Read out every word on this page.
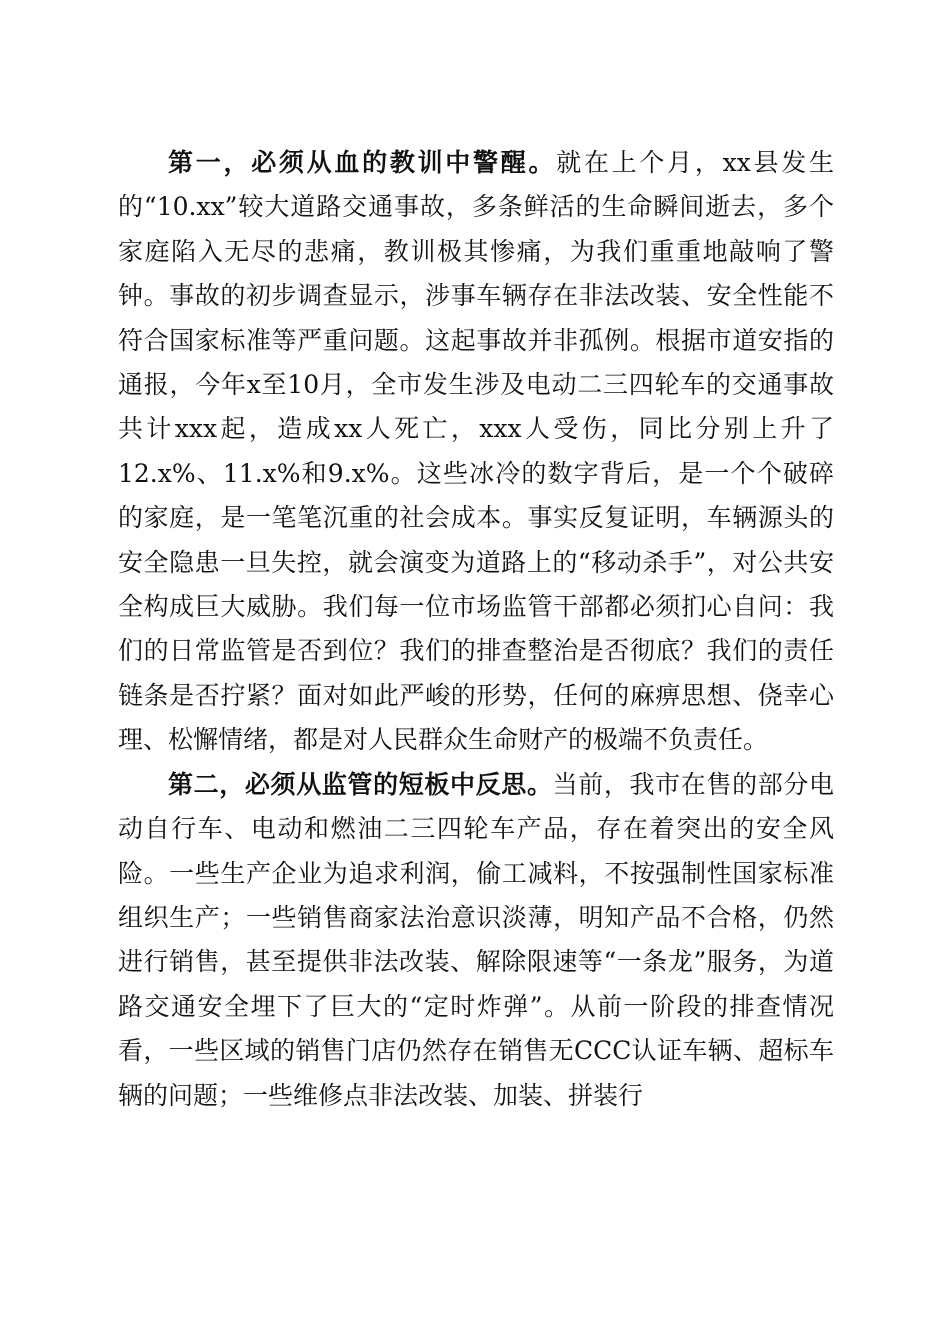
第一，必须从血的教训中警醒。就在上个月，xx县发生的“10.xx”较大道路交通事故，多条鲜活的生命瞬间逝去，多个家庭陷入无尽的悲痛，教训极其惨痛，为我们重重地敲响了警钟。事故的初步调查显示，涉事车辆存在非法改装、安全性能不符合国家标准等严重问题。这起事故并非孤例。根据市道安指的通报，今年x至10月，全市发生涉及电动二三四轮车的交通事故共计xxx起，造成xx人死亡，xxx人受伤，同比分别上升了12.x%、11.x%和9.x%。这些冰冷的数字背后，是一个个破碎的家庭，是一笔笔沉重的社会成本。事实反复证明，车辆源头的安全隐患一旦失控，就会演变为道路上的“移动杀手”，对公共安全构成巨大威胁。我们每一位市场监管干部都必须扪心自问：我们的日常监管是否到位？我们的排查整治是否彻底？我们的责任链条是否拧紧？面对如此严峻的形势，任何的麻痹思想、侥幸心理、松懈情绪，都是对人民群众生命财产的极端不负责任。

第二，必须从监管的短板中反思。当前，我市在售的部分电动自行车、电动和燃油二三四轮车产品，存在着突出的安全风险。一些生产企业为追求利润，偷工减料，不按强制性国家标准组织生产；一些销售商家法治意识淡薄，明知产品不合格，仍然进行销售，甚至提供非法改装、解除限速等“一条龙”服务，为道路交通安全埋下了巨大的“定时炸弹”。从前一阶段的排查情况看，一些区域的销售门店仍然存在销售无CCC认证车辆、超标车辆的问题；一些维修点非法改装、加装、拼装行
